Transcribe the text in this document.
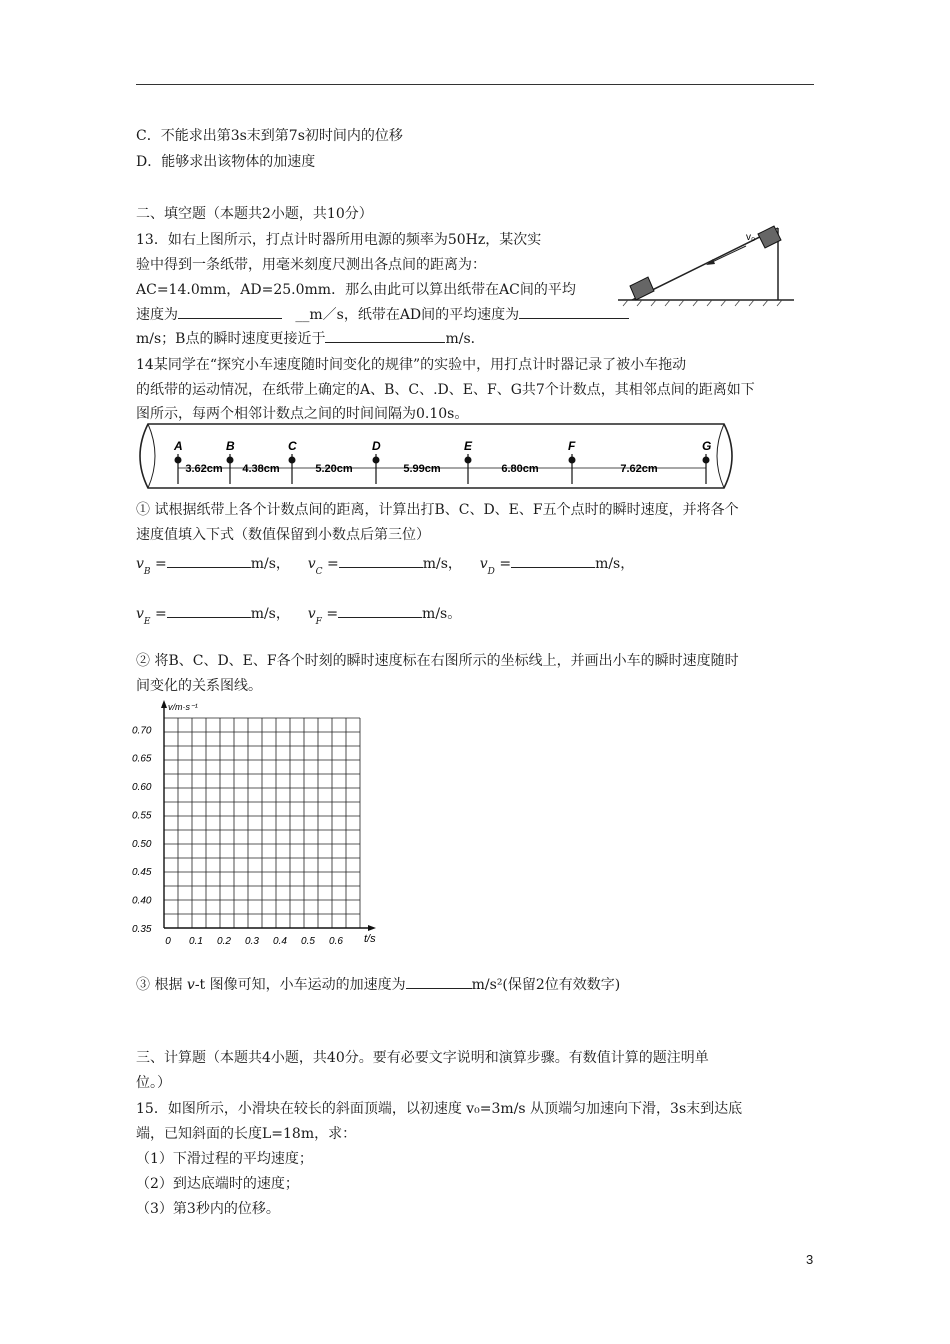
C．不能求出第3s末到第7s初时间内的位移
D．能够求出该物体的加速度
二、填空题（本题共2小题，共10分）
13．如右上图所示，打点计时器所用电源的频率为50Hz，某次实
验中得到一条纸带，用毫米刻度尺测出各点间的距离为：
AC=14.0mm，AD=25.0mm．那么由此可以算出纸带在AC间的平均
速度为	__m／s，纸带在AD间的平均速度为
m/s；B点的瞬时速度更接近于	m/s．
v₀
14某同学在“探究小车速度随时间变化的规律”的实验中，用打点计时器记录了被小车拖动
的纸带的运动情况，在纸带上确定的A、B、C、.D、E、F、G共7个计数点，其相邻点间的距离如下
图所示，每两个相邻计数点之间的时间间隔为0.10s。
A	B	C	D	E	F	G
3.62cm 4.38cm	5.20cm	5.99cm	6.80cm	7.62cm
① 试根据纸带上各个计数点间的距离，计算出打B、C、D、E、F五个点时的瞬时速度，并将各个
速度值填入下式（数值保留到小数点后第三位）
$v_B$ =	m/s， $v_C$ =	m/s， $v_D$ =	m/s，
$v_E$ =	m/s， $v_F$ =	m/s。
② 将B、C、D、E、F各个时刻的瞬时速度标在右图所示的坐标线上，并画出小车的瞬时速度随时
间变化的关系图线。
0.70
0.65
0.60
0.55
0.50
0.45
0.40
0.35
0 0.1 0.2 0.3 0.4 0.5 0.6
v/m·s⁻¹
t/s
③ 根据 v-t 图像可知，小车运动的加速度为	m/s²(保留2位有效数字)
三、计算题（本题共4小题，共40分。要有必要文字说明和演算步骤。有数值计算的题注明单
位。）
15．如图所示，小滑块在较长的斜面顶端，以初速度 v₀=3m/s 从顶端匀加速向下滑，3s末到达底
端，已知斜面的长度L=18m，求：
（1）下滑过程的平均速度；
（2）到达底端时的速度；
（3）第3秒内的位移。
3
